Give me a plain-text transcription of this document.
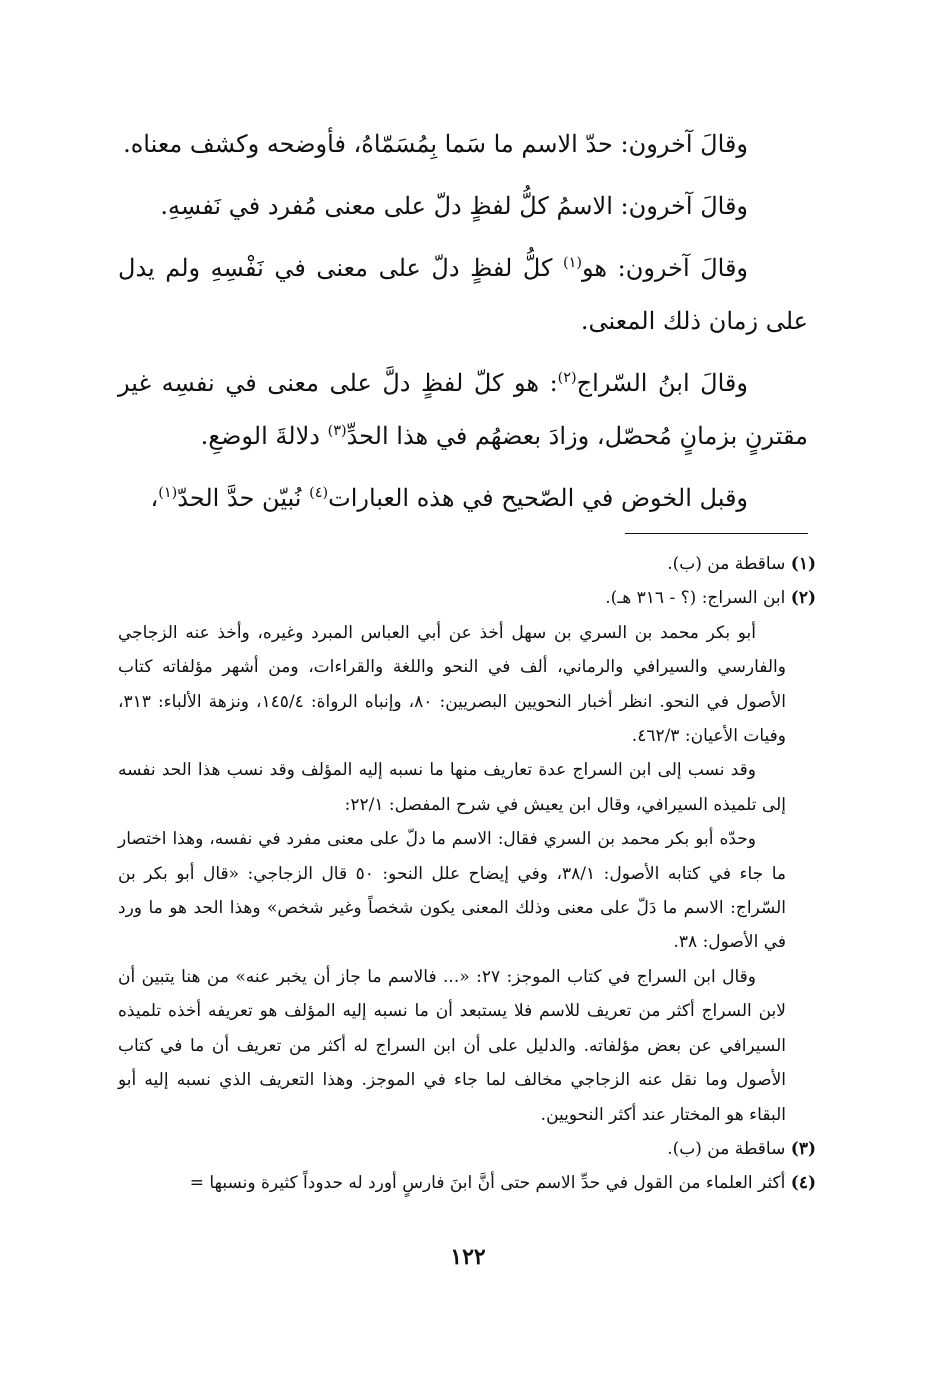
وقالَ آخرون: حدّ الاسم ما سَما بِمُسَمّاهُ، فأوضحه وكشف معناه.

وقالَ آخرون: الاسمُ كلُّ لفظٍ دلّ على معنى مُفرد في نَفسِهِ.

وقالَ آخرون: هو$^{(١)}$ كلُّ لفظٍ دلّ على معنى في نَفْسِهِ ولم يدل على زمان ذلك المعنى.

وقالَ ابنُ السّراج$^{(٢)}$: هو كلّ لفظٍ دلَّ على معنى في نفسِه غير مقترنٍ بزمانٍ مُحصّل، وزادَ بعضهُم في هذا الحدِّ$^{(٣)}$ دلالةَ الوضعِ.

وقبل الخوض في الصّحيح في هذه العبارات$^{(٤)}$ نُبيّن حدَّ الحدّ$^{(١)}$،

(١) ساقطة من (ب).

(٢) ابن السراج: (؟ - ٣١٦ هـ).

أبو بكر محمد بن السري بن سهل أخذ عن أبي العباس المبرد وغيره، وأخذ عنه الزجاجي والفارسي والسيرافي والرماني، ألف في النحو واللغة والقراءات، ومن أشهر مؤلفاته كتاب الأصول في النحو. انظر أخبار النحويين البصريين: ٨٠، وإنباه الرواة: ١٤٥/٤، ونزهة الألباء: ٣١٣، وفيات الأعيان: ٤٦٢/٣.

وقد نسب إلى ابن السراج عدة تعاريف منها ما نسبه إليه المؤلف وقد نسب هذا الحد نفسه إلى تلميذه السيرافي، وقال ابن يعيش في شرح المفصل: ٢٢/١:

وحدّه أبو بكر محمد بن السري فقال: الاسم ما دلّ على معنى مفرد في نفسه، وهذا اختصار ما جاء في كتابه الأصول: ٣٨/١، وفي إيضاح علل النحو: ٥٠ قال الزجاجي: «قال أبو بكر بن السّراج: الاسم ما دَلّ على معنى وذلك المعنى يكون شخصاً وغير شخص» وهذا الحد هو ما ورد في الأصول: ٣٨.

وقال ابن السراج في كتاب الموجز: ٢٧: «... فالاسم ما جاز أن يخبر عنه» من هنا يتبين أن لابن السراج أكثر من تعريف للاسم فلا يستبعد أن ما نسبه إليه المؤلف هو تعريفه أخذه تلميذه السيرافي عن بعض مؤلفاته. والدليل على أن ابن السراج له أكثر من تعريف أن ما في كتاب الأصول وما نقل عنه الزجاجي مخالف لما جاء في الموجز. وهذا التعريف الذي نسبه إليه أبو البقاء هو المختار عند أكثر النحويين.

(٣) ساقطة من (ب).

(٤) أكثر العلماء من القول في حدِّ الاسم حتى أنَّ ابنَ فارسٍ أورد له حدوداً كثيرة ونسبها =

١٢٢
